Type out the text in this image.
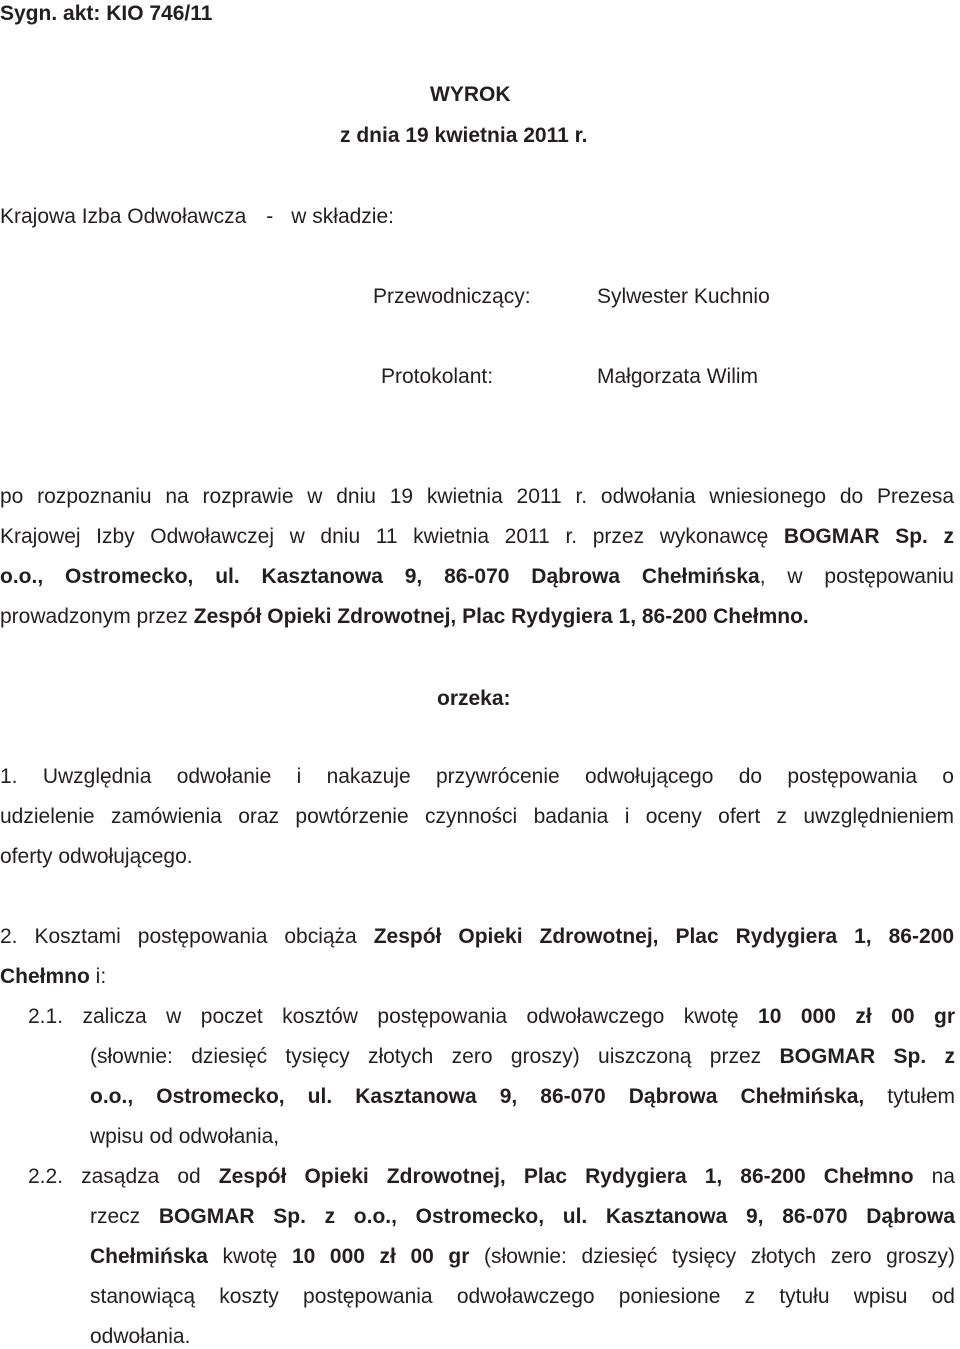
Sygn. akt: KIO 746/11
WYROK
z dnia 19 kwietnia 2011 r.
Krajowa Izba Odwoławcza - w składzie:
Przewodniczący:	Sylwester Kuchnio
Protokolant:	Małgorzata Wilim
po rozpoznaniu na rozprawie w dniu 19 kwietnia 2011 r. odwołania wniesionego do Prezesa
Krajowej Izby Odwoławczej w dniu 11 kwietnia 2011 r. przez wykonawcę BOGMAR Sp. z
o.o., Ostromecko, ul. Kasztanowa 9, 86-070 Dąbrowa Chełmińska, w postępowaniu
prowadzonym przez Zespół Opieki Zdrowotnej, Plac Rydygiera 1, 86-200 Chełmno.
orzeka:
1. Uwzględnia odwołanie i nakazuje przywrócenie odwołującego do postępowania o
udzielenie zamówienia oraz powtórzenie czynności badania i oceny ofert z uwzględnieniem
oferty odwołującego.
2. Kosztami postępowania obciąża Zespół Opieki Zdrowotnej, Plac Rydygiera 1, 86-200
Chełmno i:
2.1. zalicza w poczet kosztów postępowania odwoławczego kwotę 10 000 zł 00 gr
(słownie: dziesięć tysięcy złotych zero groszy) uiszczoną przez BOGMAR Sp. z
o.o., Ostromecko, ul. Kasztanowa 9, 86-070 Dąbrowa Chełmińska, tytułem
wpisu od odwołania,
2.2. zasądza od Zespół Opieki Zdrowotnej, Plac Rydygiera 1, 86-200 Chełmno na
rzecz BOGMAR Sp. z o.o., Ostromecko, ul. Kasztanowa 9, 86-070 Dąbrowa
Chełmińska kwotę 10 000 zł 00 gr (słownie: dziesięć tysięcy złotych zero groszy)
stanowiącą koszty postępowania odwoławczego poniesione z tytułu wpisu od
odwołania.
